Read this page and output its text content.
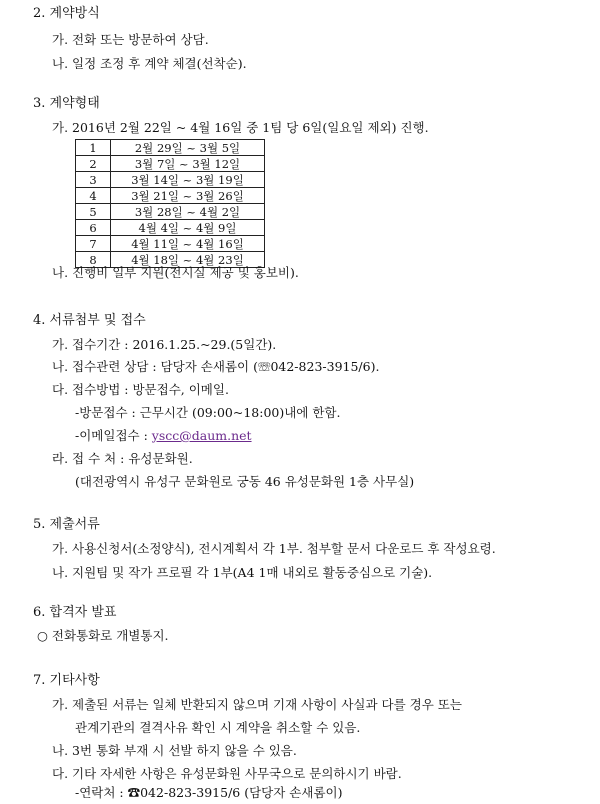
2. 계약방식
가. 전화 또는 방문하여 상담.
나. 일정 조정 후 계약 체결(선착순).
3. 계약형태
가. 2016년 2월 22일 ~ 4월 16일 중 1팀 당 6일(일요일 제외) 진행.
1	2월 29일 ~ 3월 5일
2	3월 7일 ~ 3월 12일
3	3월 14일 ~ 3월 19일
4	3월 21일 ~ 3월 26일
5	3월 28일 ~ 4월 2일
6	4월 4일 ~ 4월 9일
7	4월 11일 ~ 4월 16일
8	4월 18일 ~ 4월 23일
나. 진행비 일부 지원(전시실 제공 및 홍보비).
4. 서류첨부 및 접수
가. 접수기간 : 2016.1.25.~29.(5일간).
나. 접수관련 상담 : 담당자 손새롬이 (☏042-823-3915/6).
다. 접수방법 : 방문접수, 이메일.
-방문접수 : 근무시간 (09:00~18:00)내에 한함.
-이메일접수 : yscc@daum.net
라. 접 수 처 : 유성문화원.
(대전광역시 유성구 문화원로 궁동 46 유성문화원 1층 사무실)
5. 제출서류
가. 사용신청서(소정양식), 전시계획서 각 1부. 첨부할 문서 다운로드 후 작성요령.
나. 지원팀 및 작가 프로필 각 1부(A4 1매 내외로 활동중심으로 기술).
6. 합격자 발표
○ 전화통화로 개별통지.
7. 기타사항
가. 제출된 서류는 일체 반환되지 않으며 기재 사항이 사실과 다를 경우 또는
관계기관의 결격사유 확인 시 계약을 취소할 수 있음.
나. 3번 통화 부재 시 선발 하지 않을 수 있음.
다. 기타 자세한 사항은 유성문화원 사무국으로 문의하시기 바람.
-연락처 : ☎042-823-3915/6 (담당자 손새롬이)
